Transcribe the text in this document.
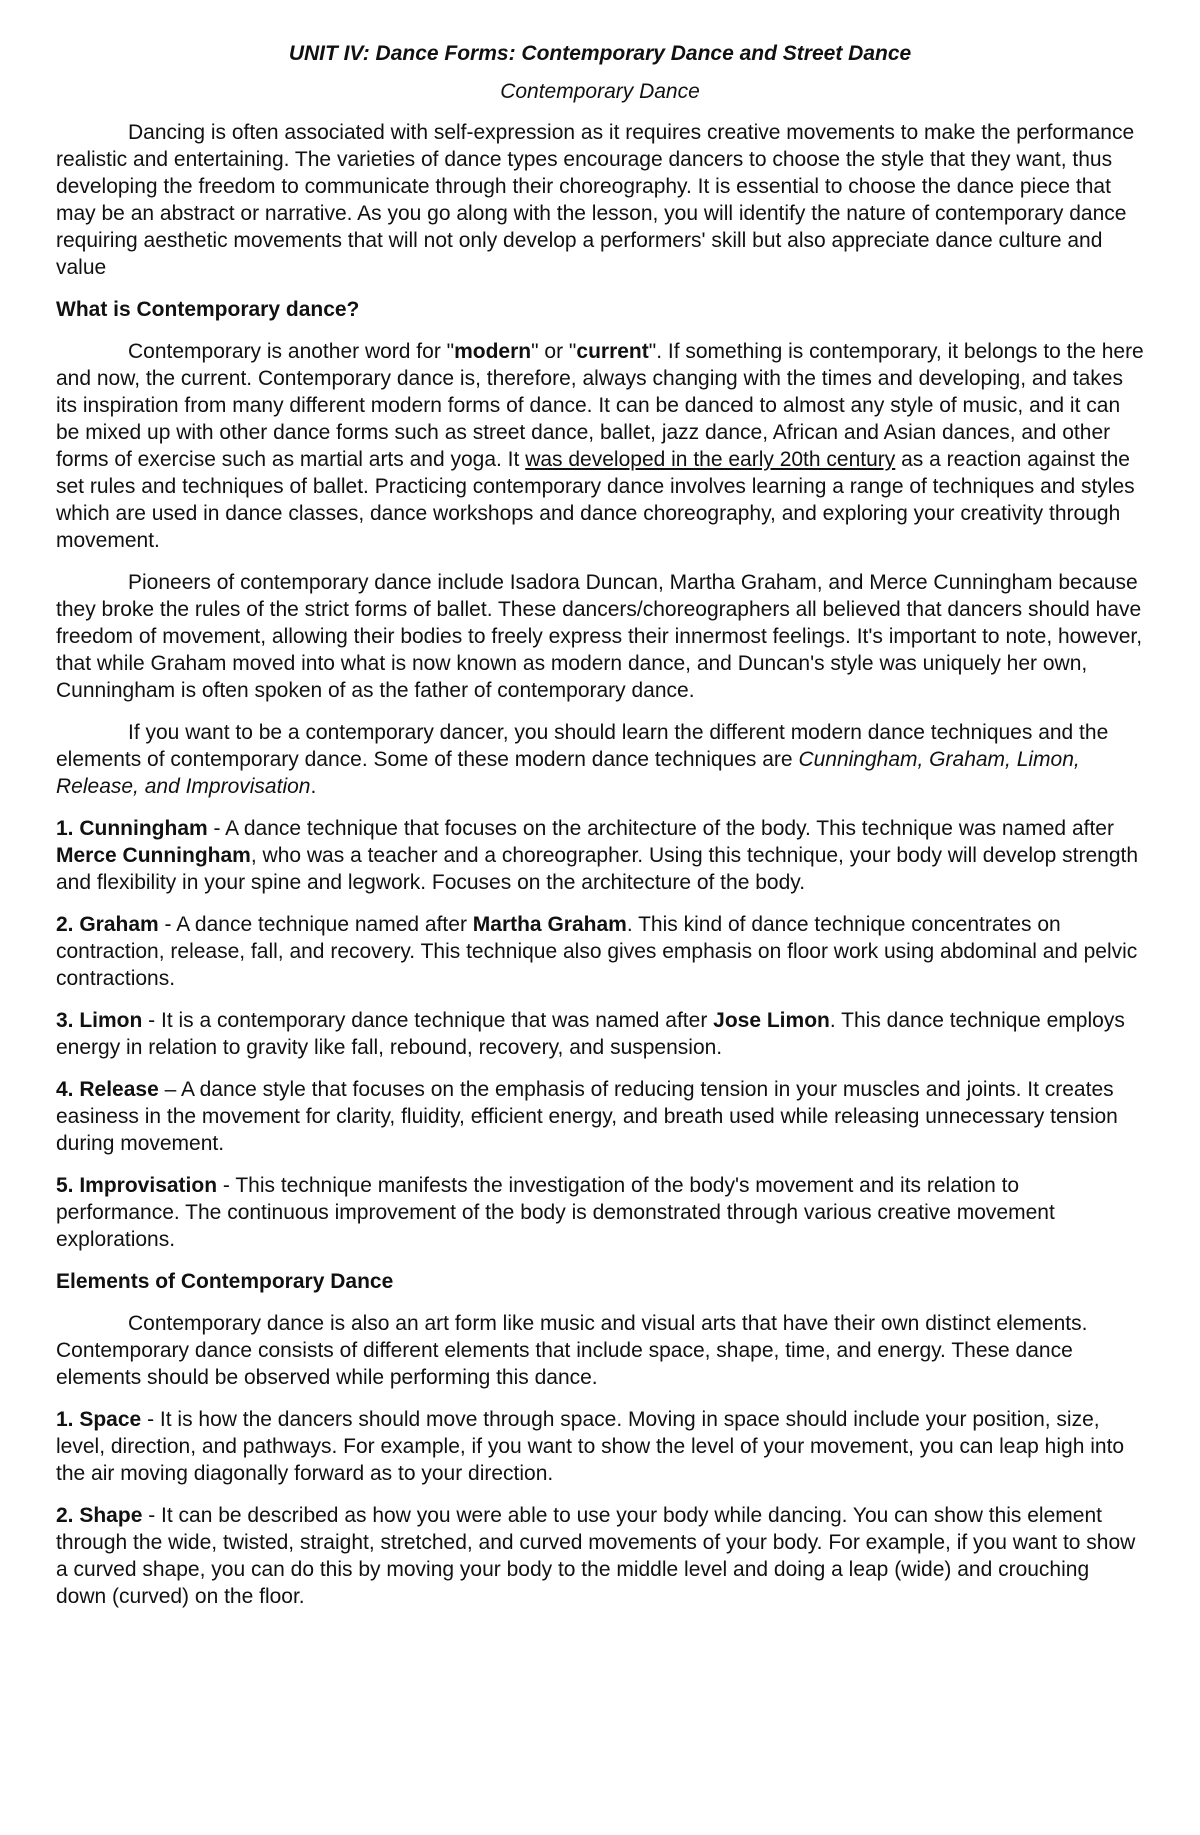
UNIT IV: Dance Forms: Contemporary Dance and Street Dance
Contemporary Dance

Dancing is often associated with self-expression as it requires creative movements to make the performance realistic and entertaining. The varieties of dance types encourage dancers to choose the style that they want, thus developing the freedom to communicate through their choreography. It is essential to choose the dance piece that may be an abstract or narrative. As you go along with the lesson, you will identify the nature of contemporary dance requiring aesthetic movements that will not only develop a performers' skill but also appreciate dance culture and value

What is Contemporary dance?

Contemporary is another word for "modern" or "current". If something is contemporary, it belongs to the here and now, the current. Contemporary dance is, therefore, always changing with the times and developing, and takes its inspiration from many different modern forms of dance. It can be danced to almost any style of music, and it can be mixed up with other dance forms such as street dance, ballet, jazz dance, African and Asian dances, and other forms of exercise such as martial arts and yoga. It was developed in the early 20th century as a reaction against the set rules and techniques of ballet. Practicing contemporary dance involves learning a range of techniques and styles which are used in dance classes, dance workshops and dance choreography, and exploring your creativity through movement.

Pioneers of contemporary dance include Isadora Duncan, Martha Graham, and Merce Cunningham because they broke the rules of the strict forms of ballet. These dancers/choreographers all believed that dancers should have freedom of movement, allowing their bodies to freely express their innermost feelings. It's important to note, however, that while Graham moved into what is now known as modern dance, and Duncan's style was uniquely her own, Cunningham is often spoken of as the father of contemporary dance.

If you want to be a contemporary dancer, you should learn the different modern dance techniques and the elements of contemporary dance. Some of these modern dance techniques are Cunningham, Graham, Limon, Release, and Improvisation.

1. Cunningham - A dance technique that focuses on the architecture of the body. This technique was named after Merce Cunningham, who was a teacher and a choreographer. Using this technique, your body will develop strength and flexibility in your spine and legwork. Focuses on the architecture of the body.

2. Graham - A dance technique named after Martha Graham. This kind of dance technique concentrates on contraction, release, fall, and recovery. This technique also gives emphasis on floor work using abdominal and pelvic contractions.

3. Limon - It is a contemporary dance technique that was named after Jose Limon. This dance technique employs energy in relation to gravity like fall, rebound, recovery, and suspension.

4. Release – A dance style that focuses on the emphasis of reducing tension in your muscles and joints. It creates easiness in the movement for clarity, fluidity, efficient energy, and breath used while releasing unnecessary tension during movement.

5. Improvisation - This technique manifests the investigation of the body's movement and its relation to performance. The continuous improvement of the body is demonstrated through various creative movement explorations.

Elements of Contemporary Dance

Contemporary dance is also an art form like music and visual arts that have their own distinct elements. Contemporary dance consists of different elements that include space, shape, time, and energy. These dance elements should be observed while performing this dance.

1. Space - It is how the dancers should move through space. Moving in space should include your position, size, level, direction, and pathways. For example, if you want to show the level of your movement, you can leap high into the air moving diagonally forward as to your direction.

2. Shape - It can be described as how you were able to use your body while dancing. You can show this element through the wide, twisted, straight, stretched, and curved movements of your body. For example, if you want to show a curved shape, you can do this by moving your body to the middle level and doing a leap (wide) and crouching down (curved) on the floor.
